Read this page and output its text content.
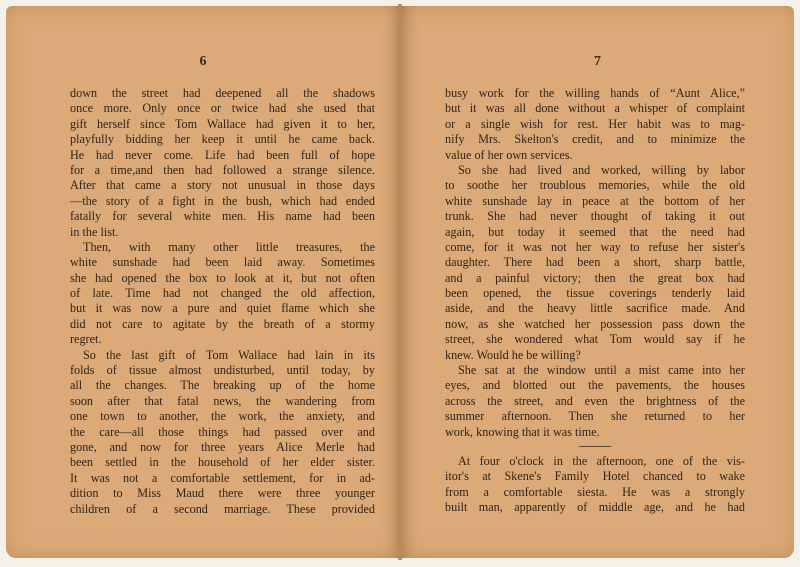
6
down the street had deepened all the shadows
once more. Only once or twice had she used that
gift herself since Tom Wallace had given it to her,
playfully bidding her keep it until he came back.
He had never come. Life had been full of hope
for a time,and then had followed a strange silence.
After that came a story not unusual in those days
—the story of a fight in the bush, which had ended
fatally for several white men. His name had been
in the list.
Then, with many other little treasures, the
white sunshade had been laid away. Sometimes
she had opened the box to look at it, but not often
of late. Time had not changed the old affection,
but it was now a pure and quiet flame which she
did not care to agitate by the breath of a stormy
regret.
So the last gift of Tom Wallace had lain in its
folds of tissue almost undisturbed, until today, by
all the changes. The breaking up of the home
soon after that fatal news, the wandering from
one town to another, the work, the anxiety, and
the care—all those things had passed over and
gone, and now for three years Alice Merle had
been settled in the household of her elder sister.
It was not a comfortable settlement, for in ad-
dition to Miss Maud there were three younger
children of a second marriage. These provided
7
busy work for the willing hands of “Aunt Alice,”
but it was all done without a whisper of complaint
or a single wish for rest. Her habit was to mag-
nify Mrs. Skelton's credit, and to minimize the
value of her own services.
So she had lived and worked, willing by labor
to soothe her troublous memories, while the old
white sunshade lay in peace at the bottom of her
trunk. She had never thought of taking it out
again, but today it seemed that the need had
come, for it was not her way to refuse her sister's
daughter. There had been a short, sharp battle,
and a painful victory; then the great box had
been opened, the tissue coverings tenderly laid
aside, and the heavy little sacrifice made. And
now, as she watched her possession pass down the
street, she wondered what Tom would say if he
knew. Would he be willing?
She sat at the window until a mist came into her
eyes, and blotted out the pavements, the houses
across the street, and even the brightness of the
summer afternoon. Then she returned to her
work, knowing that it was time.
At four o'clock in the afternoon, one of the vis-
itor's at Skene's Family Hotel chanced to wake
from a comfortable siesta. He was a strongly
built man, apparently of middle age, and he had
